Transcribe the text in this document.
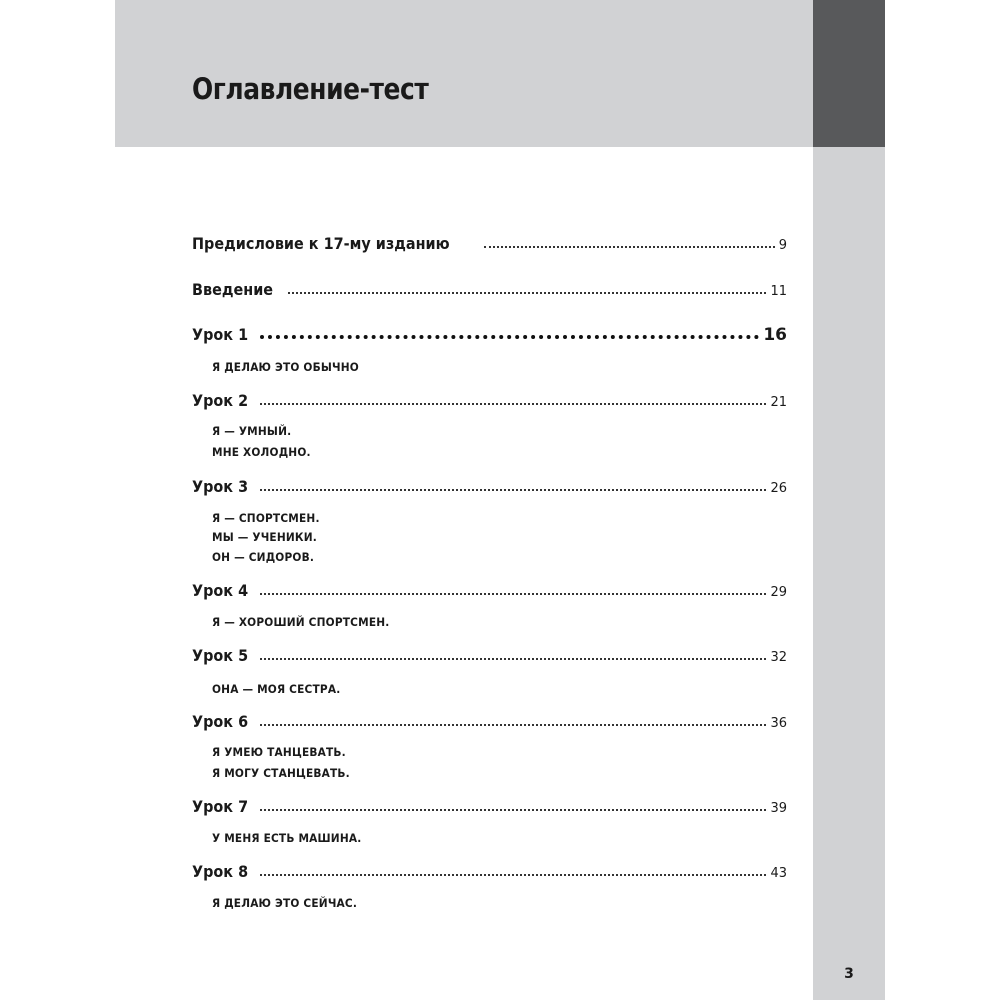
Оглавление-тест
Предисловие к 17-му изданию	9
Введение	11
Урок 1	16

Я ДЕЛАЮ ЭТО ОБЫЧНО

Урок 2	21

Я — УМНЫЙ.

МНЕ ХОЛОДНО.

Урок 3	26

Я — СПОРТСМЕН.

МЫ — УЧЕНИКИ.

ОН — СИДОРОВ.

Урок 4	29

Я — ХОРОШИЙ СПОРТСМЕН.

Урок 5	32

ОНА — МОЯ СЕСТРА.

Урок 6	36

Я УМЕЮ ТАНЦЕВАТЬ.

Я МОГУ СТАНЦЕВАТЬ.

Урок 7	39

У МЕНЯ ЕСТЬ МАШИНА.

Урок 8	43

Я ДЕЛАЮ ЭТО СЕЙЧАС.

3
